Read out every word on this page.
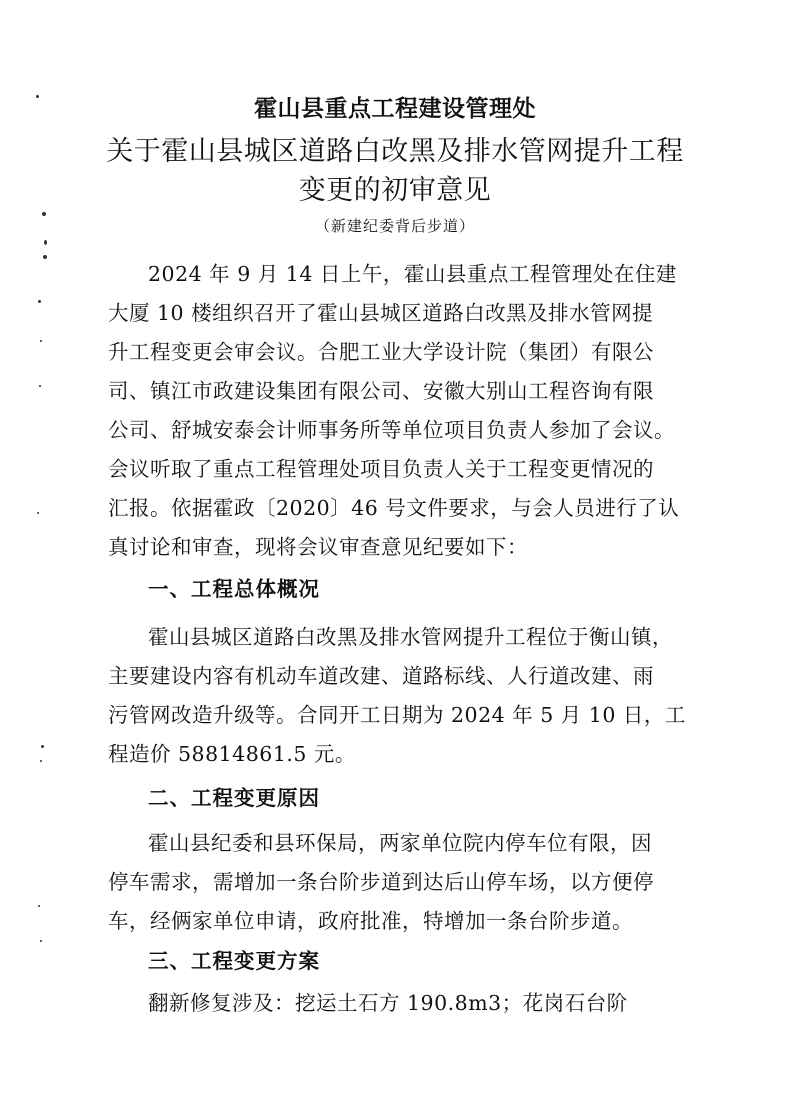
霍山县重点工程建设管理处
关于霍山县城区道路白改黑及排水管网提升工程
变更的初审意见
（新建纪委背后步道）
2024 年 9 月 14 日上午，霍山县重点工程管理处在住建
大厦 10 楼组织召开了霍山县城区道路白改黑及排水管网提
升工程变更会审会议。合肥工业大学设计院（集团）有限公
司、镇江市政建设集团有限公司、安徽大别山工程咨询有限
公司、舒城安泰会计师事务所等单位项目负责人参加了会议。
会议听取了重点工程管理处项目负责人关于工程变更情况的
汇报。依据霍政〔2020〕46 号文件要求，与会人员进行了认
真讨论和审查，现将会议审查意见纪要如下：
一、工程总体概况
霍山县城区道路白改黑及排水管网提升工程位于衡山镇，
主要建设内容有机动车道改建、道路标线、人行道改建、雨
污管网改造升级等。合同开工日期为 2024 年 5 月 10 日，工
程造价 58814861.5 元。
二、工程变更原因
霍山县纪委和县环保局，两家单位院内停车位有限，因
停车需求，需增加一条台阶步道到达后山停车场，以方便停
车，经俩家单位申请，政府批准，特增加一条台阶步道。
三、工程变更方案
翻新修复涉及：挖运土石方 190.8m3；花岗石台阶
